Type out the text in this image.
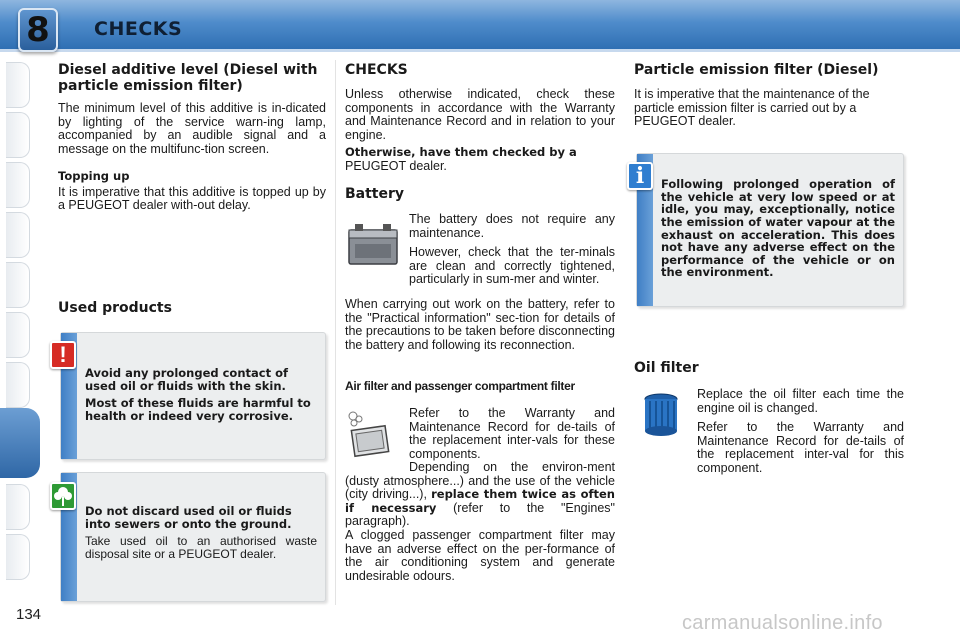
8	CHECKS
Diesel additive level (Diesel with particle emission filter)

The minimum level of this additive is in-dicated by lighting of the service warn-ing lamp, accompanied by an audible signal and a message on the multifunc-tion screen.

Topping up

It is imperative that this additive is topped up by a PEUGEOT dealer with-out delay.

Used products
Avoid any prolonged contact of used oil or fluids with the skin.
Most of these fluids are harmful to health or indeed very corrosive.
!
Do not discard used oil or fluids into sewers or onto the ground.

Take used oil to an authorised waste disposal site or a PEUGEOT dealer.

CHECKS

Unless otherwise indicated, check these components in accordance with the Warranty and Maintenance Record and in relation to your engine.

Otherwise, have them checked by a
PEUGEOT dealer.

Battery

The battery does not require any maintenance.

However, check that the ter-minals are clean and correctly tightened, particularly in sum-mer and winter.

When carrying out work on the battery, refer to the "Practical information" sec-tion for details of the precautions to be taken before disconnecting the battery and following its reconnection.

Air filter and passenger compartment filter

Refer to the Warranty and Maintenance Record for de-tails of the replacement inter-vals for these components.

Depending on the environ-ment (dusty atmosphere...) and the use of the vehicle (city driving...), replace them twice as often if necessary (refer to the "Engines" paragraph).

A clogged passenger compartment filter may have an adverse effect on the per-formance of the air conditioning system and generate undesirable odours.

Particle emission filter (Diesel)

It is imperative that the maintenance of the particle emission filter is carried out by a PEUGEOT dealer.

Following prolonged operation of the vehicle at very low speed or at idle, you may, exceptionally, notice the emission of water vapour at the exhaust on acceleration. This does not have any adverse effect on the performance of the vehicle or on the environment.
i
Oil filter

Replace the oil filter each time the engine oil is changed.

Refer to the Warranty and Maintenance Record for de-tails of the replacement inter-val for this component.

134	carmanualsonline.info
